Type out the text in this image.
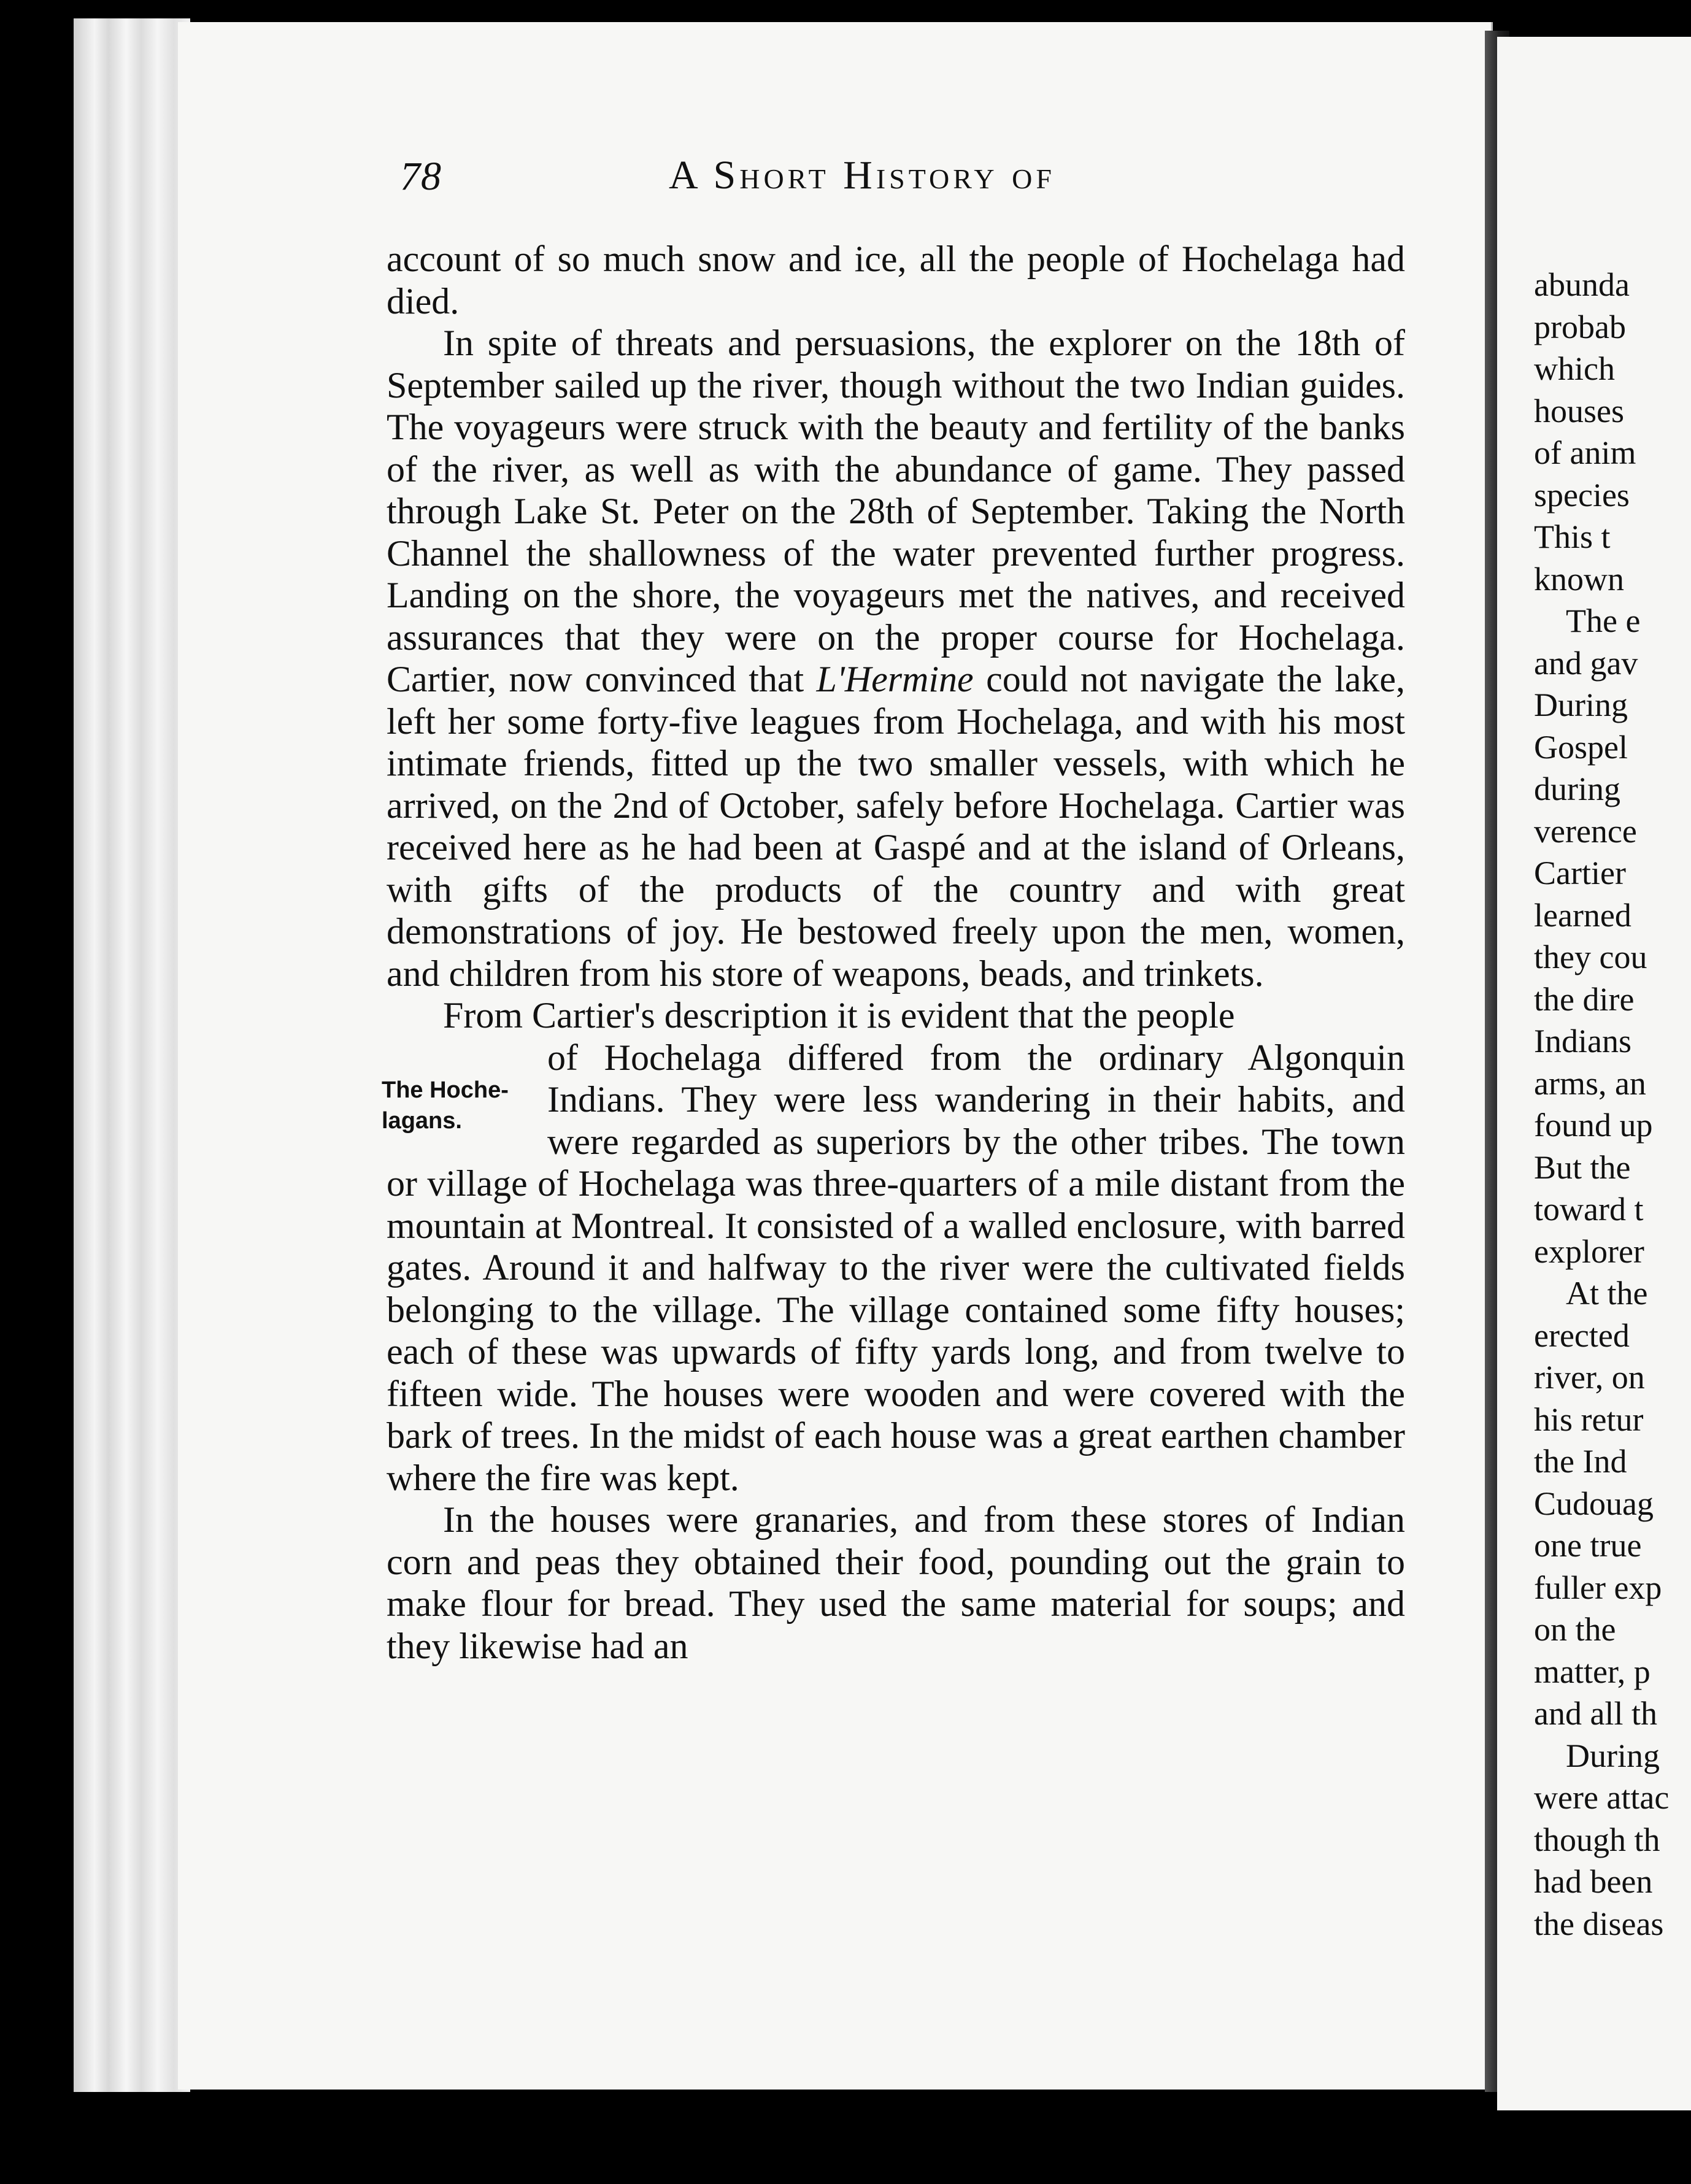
78	A Short History of

account of so much snow and ice, all the people of Hochelaga had died.

In spite of threats and persuasions, the explorer on the 18th of September sailed up the river, though without the two Indian guides. The voyageurs were struck with the beauty and fertility of the banks of the river, as well as with the abundance of game. They passed through Lake St. Peter on the 28th of September. Taking the North Channel the shallowness of the water prevented further progress. Landing on the shore, the voyageurs met the natives, and received assurances that they were on the proper course for Hochelaga. Cartier, now convinced that L'Hermine could not navigate the lake, left her some forty-five leagues from Hochelaga, and with his most intimate friends, fitted up the two smaller vessels, with which he arrived, on the 2nd of October, safely before Hochelaga. Cartier was received here as he had been at Gaspé and at the island of Orleans, with gifts of the products of the country and with great demonstrations of joy. He bestowed freely upon the men, women, and children from his store of weapons, beads, and trinkets.

From Cartier's description it is evident that the people

The Hoche-lagans.
of Hochelaga differed from the ordinary Algonquin Indians. They were less wandering in their habits, and were regarded as superiors by the other tribes. The town or village of Hochelaga was three-quarters of a mile distant from the mountain at Montreal. It consisted of a walled enclosure, with barred gates. Around it and halfway to the river were the cultivated fields belonging to the village. The village contained some fifty houses; each of these was upwards of fifty yards long, and from twelve to fifteen wide. The houses were wooden and were covered with the bark of trees. In the midst of each house was a great earthen chamber where the fire was kept.

In the houses were granaries, and from these stores of Indian corn and peas they obtained their food, pounding out the grain to make flour for bread. They used the same material for soups; and they likewise had an

abunda
probab
which
houses
of anim
species
This t
known
The e
and gav
During
Gospel
during
verence
Cartier
learned
they cou
the dire
Indians
arms, an
found up
But the
toward t
explorer
At the
erected
river, on
his retur
the Ind
Cudouag
one true
fuller exp
on the
matter, p
and all th
During
were attac
though th
had been
the diseas
